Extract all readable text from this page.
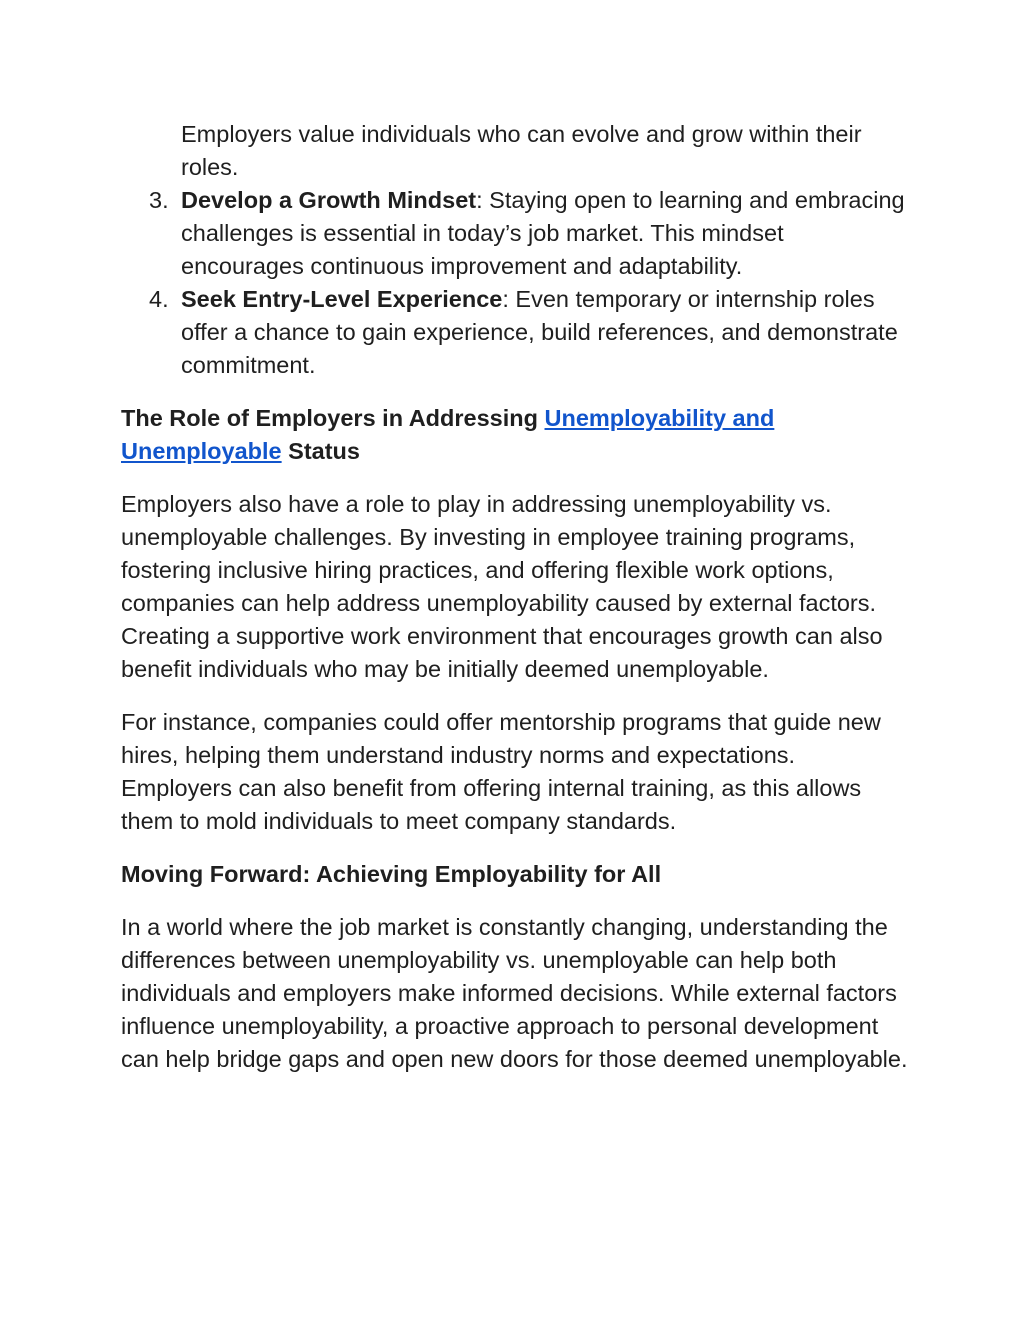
Employers value individuals who can evolve and grow within their roles.

3. Develop a Growth Mindset: Staying open to learning and embracing challenges is essential in today’s job market. This mindset encourages continuous improvement and adaptability.

4. Seek Entry-Level Experience: Even temporary or internship roles offer a chance to gain experience, build references, and demonstrate commitment.

The Role of Employers in Addressing Unemployability and Unemployable Status

Employers also have a role to play in addressing unemployability vs. unemployable challenges. By investing in employee training programs, fostering inclusive hiring practices, and offering flexible work options, companies can help address unemployability caused by external factors. Creating a supportive work environment that encourages growth can also benefit individuals who may be initially deemed unemployable.

For instance, companies could offer mentorship programs that guide new hires, helping them understand industry norms and expectations. Employers can also benefit from offering internal training, as this allows them to mold individuals to meet company standards.

Moving Forward: Achieving Employability for All

In a world where the job market is constantly changing, understanding the differences between unemployability vs. unemployable can help both individuals and employers make informed decisions. While external factors influence unemployability, a proactive approach to personal development can help bridge gaps and open new doors for those deemed unemployable.
